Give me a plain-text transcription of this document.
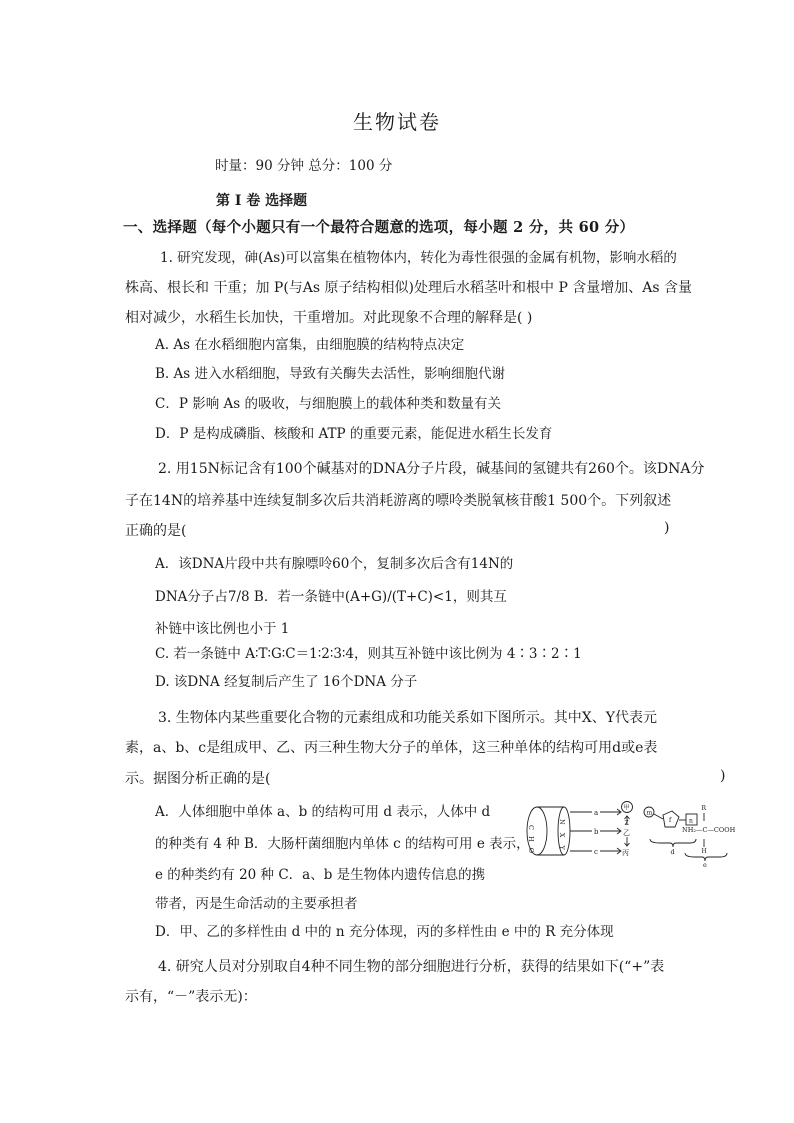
生物试卷
时量：90 分钟 总分：100 分
第 I 卷 选择题
一、选择题（每个小题只有一个最符合题意的选项，每小题 2 分，共 60 分）
1. 研究发现，砷(As)可以富集在植物体内，转化为毒性很强的金属有机物，影响水稻的
株高、根长和 干重；加 P(与As 原子结构相似)处理后水稻茎叶和根中 P 含量增加、As 含量
相对减少，水稻生长加快，干重增加。对此现象不合理的解释是( )
A. As 在水稻细胞内富集，由细胞膜的结构特点决定
B. As 进入水稻细胞，导致有关酶失去活性，影响细胞代谢
C．P 影响 As 的吸收，与细胞膜上的载体种类和数量有关
D．P 是构成磷脂、核酸和 ATP 的重要元素，能促进水稻生长发育
2. 用15N标记含有100个碱基对的DNA分子片段，碱基间的氢键共有260个。该DNA分
子在14N的培养基中连续复制多次后共消耗游离的嘌呤类脱氧核苷酸1 500个。下列叙述
正确的是(	)
A．该DNA片段中共有腺嘌呤60个，复制多次后含有14N的
DNA分子占7/8 B．若一条链中(A+G)/(T+C)<1，则其互
补链中该比例也小于 1
C. 若一条链中 A∶T∶G∶C＝1∶2∶3∶4，则其互补链中该比例为 4∶3∶2∶1
D. 该DNA 经复制后产生了 16个DNA 分子
3. 生物体内某些重要化合物的元素组成和功能关系如下图所示。其中X、Y代表元
素，a、b、c是组成甲、乙、丙三种生物大分子的单体，这三种单体的结构可用d或e表
示。据图分析正确的是(	)
A．人体细胞中单体 a、b 的结构可用 d 表示，人体中 d
的种类有 4 种 B．大肠杆菌细胞内单体 c 的结构可用 e 表示，
e 的种类约有 20 种 C．a、b 是生物体内遗传信息的携
带者，丙是生命活动的主要承担者
D．甲、乙的多样性由 d 中的 n 充分体现，丙的多样性由 e 中的 R 充分体现
C H O	N X Y
a
b
c
甲
乙
丙
Z
m
f	n
d
R
NH₂—C—COOH
H
e
4. 研究人员对分别取自4种不同生物的部分细胞进行分析，获得的结果如下(“+”表
示有，“－”表示无)：
